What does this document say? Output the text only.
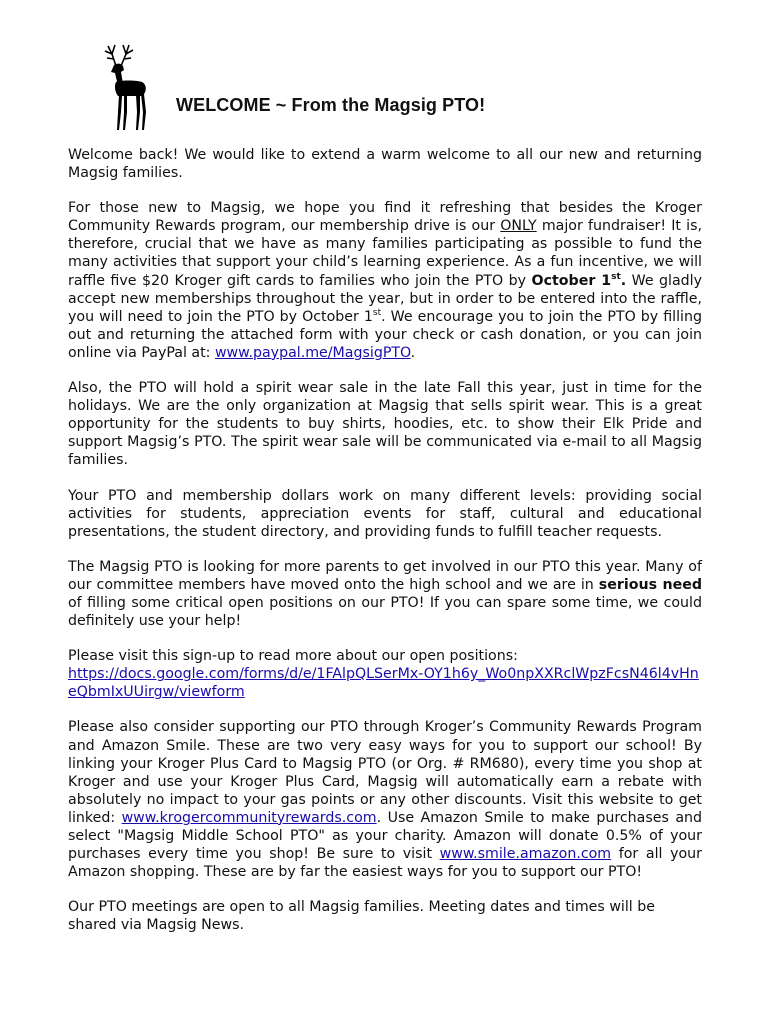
WELCOME ~ From the Magsig PTO!

Welcome back! We would like to extend a warm welcome to all our new and returning Magsig families.

For those new to Magsig, we hope you find it refreshing that besides the Kroger Community Rewards program, our membership drive is our ONLY major fundraiser! It is, therefore, crucial that we have as many families participating as possible to fund the many activities that support your child’s learning experience. As a fun incentive, we will raffle five $20 Kroger gift cards to families who join the PTO by October 1st. We gladly accept new memberships throughout the year, but in order to be entered into the raffle, you will need to join the PTO by October 1st. We encourage you to join the PTO by filling out and returning the attached form with your check or cash donation, or you can join online via PayPal at: www.paypal.me/MagsigPTO.

Also, the PTO will hold a spirit wear sale in the late Fall this year, just in time for the holidays. We are the only organization at Magsig that sells spirit wear. This is a great opportunity for the students to buy shirts, hoodies, etc. to show their Elk Pride and support Magsig’s PTO. The spirit wear sale will be communicated via e-mail to all Magsig families.

Your PTO and membership dollars work on many different levels: providing social activities for students, appreciation events for staff, cultural and educational presentations, the student directory, and providing funds to fulfill teacher requests.

The Magsig PTO is looking for more parents to get involved in our PTO this year. Many of our committee members have moved onto the high school and we are in serious need of filling some critical open positions on our PTO! If you can spare some time, we could definitely use your help!

Please visit this sign-up to read more about our open positions:
https://docs.google.com/forms/d/e/1FAlpQLSerMx-OY1h6y_Wo0npXXRclWpzFcsN46l4vHneQbmIxUUirgw/viewform

Please also consider supporting our PTO through Kroger’s Community Rewards Program and Amazon Smile. These are two very easy ways for you to support our school! By linking your Kroger Plus Card to Magsig PTO (or Org. # RM680), every time you shop at Kroger and use your Kroger Plus Card, Magsig will automatically earn a rebate with absolutely no impact to your gas points or any other discounts. Visit this website to get linked: www.krogercommunityrewards.com. Use Amazon Smile to make purchases and select "Magsig Middle School PTO" as your charity. Amazon will donate 0.5% of your purchases every time you shop! Be sure to visit www.smile.amazon.com for all your Amazon shopping. These are by far the easiest ways for you to support our PTO!

Our PTO meetings are open to all Magsig families. Meeting dates and times will be shared via Magsig News.
